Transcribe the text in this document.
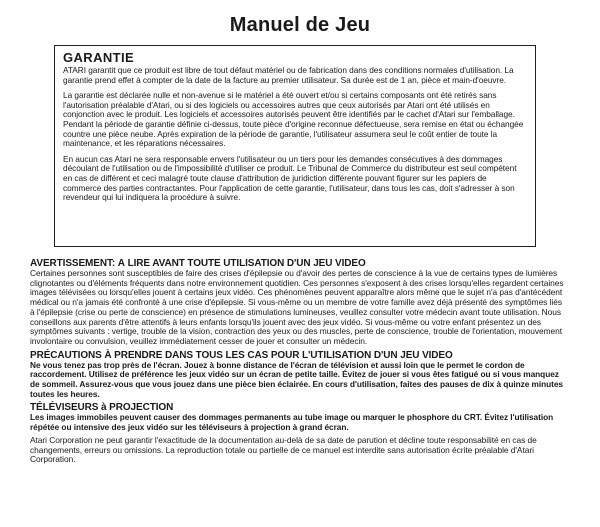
Manuel de Jeu
GARANTIE

ATARI garantit que ce produit est libre de tout défaut matériel ou de fabrication dans des conditions normales d'utilisation. La garantie prend effet à compter de la date de la facture au premier utilisateur. Sa durée est de 1 an, pièce et main-d'oeuvre.

La garantie est déclarée nulle et non-avenue si le matériel a été ouvert et/ou si certains composants ont été retirés sans l'autorisation préalable d'Atari, ou si des logiciels ou accessoires autres que ceux autorisés par Atari ont été utilisés en conjonction avec le produit. Les logiciels et accessoires autorisés peuvent être identifiés par le cachet d'Atari sur l'emballage. Pendant la période de garantie définie ci-dessus, toute pièce d'origine reconnue défectueuse, sera remise en état ou échangée countre une pièce neube. Après expiration de la période de garantie, l'utilisateur assumera seul le coût entier de toute la maintenance, et les réparations nécessaires.

En aucun cas Atari ne sera responsable envers l'utilisateur ou un tiers pour les demandes consécutives à des dommages découlant de l'utilisation ou de l'impossibilité d'utiliser ce produit. Le Tribunal de Commerce du distributeur est seul compétent en cas de différent et ceci malagré toute clause d'attribution de juridiction différente pouvant figurer sur les papiers de commerce des parties contractantes. Pour l'application de cette garantie, l'utilisateur, dans tous les cas, doit s'adresser à son revendeur qui lui indiquera la procédure à suivre.

AVERTISSEMENT: À LIRE AVANT TOUTE UTILISATION D'UN JEU VIDEO

Certaines personnes sont susceptibles de faire des crises d'épilepsie ou d'avoir des pertes de conscience à la vue de certains types de lumières clignotantes ou d'éléments fréquents dans notre environnement quotidien. Ces personnes s'exposent à des crises lorsqu'elles regardent certaines images télévisées ou lorsqu'elles jouent à certains jeux vidéo. Ces phénomènes peuvent apparaître alors même que le sujet n'a pas d'antécédent médical ou n'a jamais été confronté à une crise d'épilepsie. Si vous-même ou un membre de votre famille avez déjà présenté des symptômes liés à l'épilepsie (crise ou perte de conscience) en présence de stimulations lumineuses, veuillez consulter votre médecin avant toute utilisation. Nous conseillons aux parents d'être attentifs à leurs enfants lorsqu'ils jouent avec des jeux vidéo. Si vous-même ou votre enfant présentez un des symptômes suivants : vertige, trouble de la vision, contraction des yeux ou des muscles, perte de conscience, trouble de l'orientation, mouvement involontaire ou convulsion, veuillez immédiatement cesser de jouer et consulter un médecin.

PRÉCAUTIONS À PRENDRE DANS TOUS LES CAS POUR L'UTILISATION D'UN JEU VIDEO

Ne vous tenez pas trop près de l'écran. Jouez à bonne distance de l'écran de télévision et aussi loin que le permet le cordon de raccordement. Utilisez de préférence les jeux vidéo sur un écran de petite taille. Évitez de jouer si vous êtes fatigué ou si vous manquez de sommeil. Assurez-vous que vous jouez dans une pièce bien éclairée. En cours d'utilisation, faites des pauses de dix à quinze minutes toutes les heures.

TÉLÉVISEURS à PROJECTION

Les images immobiles peuvent causer des dommages permanents au tube image ou marquer le phosphore du CRT. Évitez l'utilisation répétée ou intensive des jeux vidéo sur les téléviseurs à projection à grand écran.

Atari Corporation ne peut garantir l'exactitude de la documentation au-delà de sa date de parution et décline toute responsabilité en cas de changements, erreurs ou omissions. La reproduction totale ou partielle de ce manuel est interdite sans autorisation écrite préalable d'Atari Corporation.
